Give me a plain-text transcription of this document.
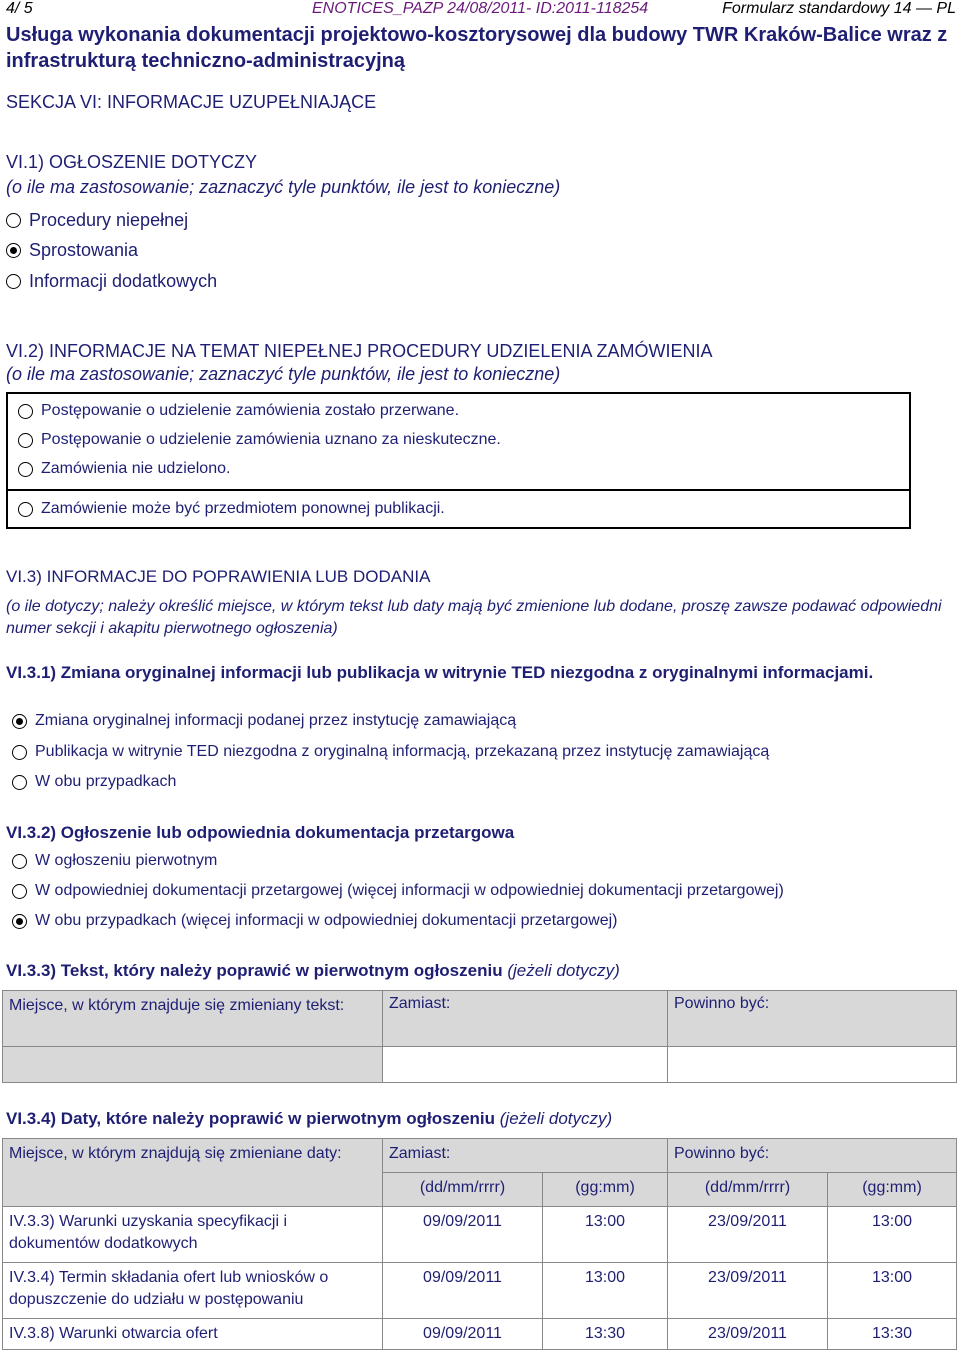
4/ 5	ENOTICES_PAZP 24/08/2011- ID:2011-118254	Formularz standardowy 14 — PL
Usługa wykonania dokumentacji projektowo-kosztorysowej dla budowy TWR Kraków-Balice wraz z infrastrukturą techniczno-administracyjną
SEKCJA VI: INFORMACJE UZUPEŁNIAJĄCE
VI.1) OGŁOSZENIE DOTYCZY
(o ile ma zastosowanie; zaznaczyć tyle punktów, ile jest to konieczne)
Procedury niepełnej
Sprostowania
Informacji dodatkowych
VI.2) INFORMACJE NA TEMAT NIEPEŁNEJ PROCEDURY UDZIELENIA ZAMÓWIENIA
(o ile ma zastosowanie; zaznaczyć tyle punktów, ile jest to konieczne)
Postępowanie o udzielenie zamówienia zostało przerwane.
Postępowanie o udzielenie zamówienia uznano za nieskuteczne.
Zamówienia nie udzielono.
Zamówienie może być przedmiotem ponownej publikacji.
VI.3) INFORMACJE DO POPRAWIENIA LUB DODANIA
(o ile dotyczy; należy określić miejsce, w którym tekst lub daty mają być zmienione lub dodane, proszę zawsze podawać odpowiedni numer sekcji i akapitu pierwotnego ogłoszenia)
VI.3.1) Zmiana oryginalnej informacji lub publikacja w witrynie TED niezgodna z oryginalnymi informacjami.
Zmiana oryginalnej informacji podanej przez instytucję zamawiającą
Publikacja w witrynie TED niezgodna z oryginalną informacją, przekazaną przez instytucję zamawiającą
W obu przypadkach
VI.3.2) Ogłoszenie lub odpowiednia dokumentacja przetargowa
W ogłoszeniu pierwotnym
W odpowiedniej dokumentacji przetargowej (więcej informacji w odpowiedniej dokumentacji przetargowej)
W obu przypadkach (więcej informacji w odpowiedniej dokumentacji przetargowej)
VI.3.3) Tekst, który należy poprawić w pierwotnym ogłoszeniu (jeżeli dotyczy)
Miejsce, w którym znajduje się zmieniany tekst:	Zamiast:	Powinno być:

VI.3.4) Daty, które należy poprawić w pierwotnym ogłoszeniu (jeżeli dotyczy)
Miejsce, w którym znajdują się zmieniane daty:	Zamiast:		Powinno być:	
	(dd/mm/rrrr)	(gg:mm)	(dd/mm/rrrr)	(gg:mm)
IV.3.3) Warunki uzyskania specyfikacji i dokumentów dodatkowych	09/09/2011	13:00	23/09/2011	13:00
IV.3.4) Termin składania ofert lub wniosków o dopuszczenie do udziału w postępowaniu	09/09/2011	13:00	23/09/2011	13:00
IV.3.8) Warunki otwarcia ofert	09/09/2011	13:30	23/09/2011	13:30
